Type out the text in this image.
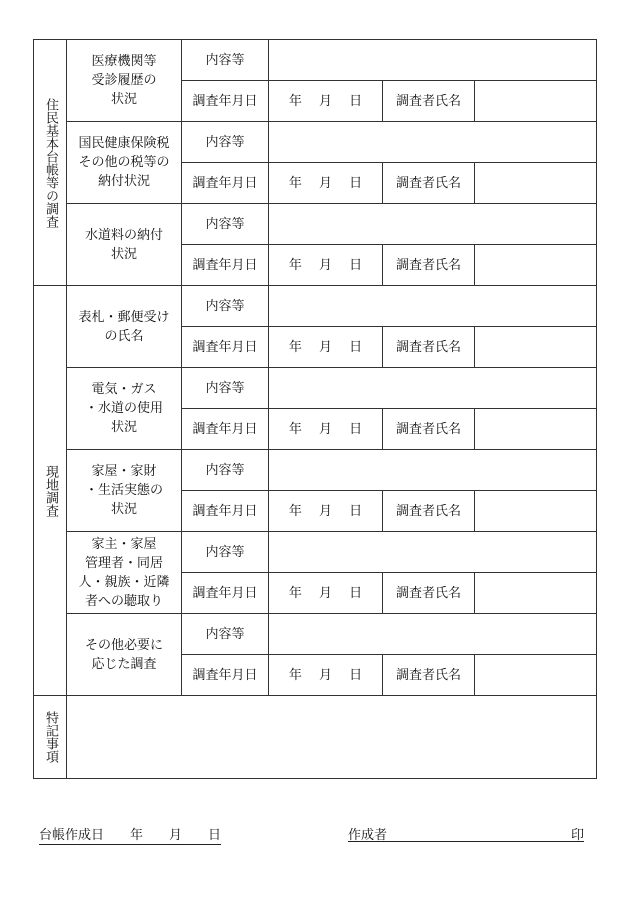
住民基本台帳等の調査	医療機関等
受診履歴の
状況	内容等			
		調査年月日	年　 月　 日	調査者氏名	

	国民健康保険税
その他の税等の
納付状況	内容等			
		調査年月日	年　 月　 日	調査者氏名	

	水道料の納付
状況	内容等			
		調査年月日	年　 月　 日	調査者氏名	

現地調査	表札・郵便受け
の氏名	内容等			
		調査年月日	年　 月　 日	調査者氏名	

	電気・ガス
・水道の使用
状況	内容等			
		調査年月日	年　 月　 日	調査者氏名	

	家屋・家財
・生活実態の
状況	内容等			
		調査年月日	年　 月　 日	調査者氏名	

	家主・家屋
管理者・同居
人・親族・近隣
者への聴取り	内容等			
		調査年月日	年　 月　 日	調査者氏名	

	その他必要に
応じた調査	内容等			
		調査年月日	年　 月　 日	調査者氏名	

特記事項					

台帳作成日　　年　　月　　日	作成者	印
